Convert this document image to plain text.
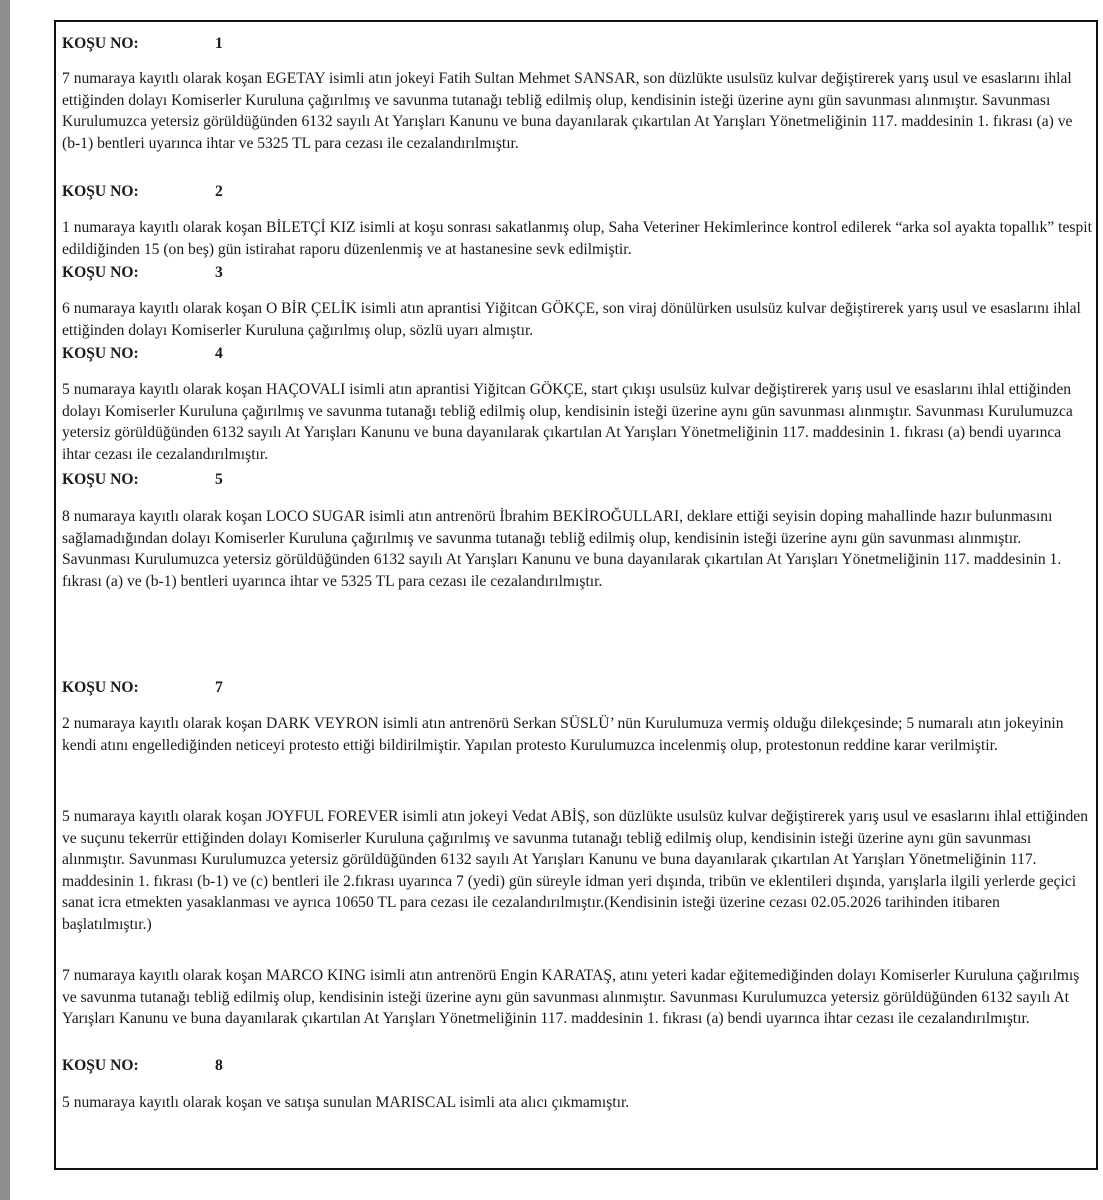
KOŞU NO:	1

7 numaraya kayıtlı olarak koşan EGETAY isimli atın jokeyi Fatih Sultan Mehmet SANSAR, son düzlükte usulsüz kulvar değiştirerek yarış usul ve esaslarını ihlal ettiğinden dolayı Komiserler Kuruluna çağırılmış ve savunma tutanağı tebliğ edilmiş olup, kendisinin isteği üzerine aynı gün savunması alınmıştır. Savunması Kurulumuzca yetersiz görüldüğünden 6132 sayılı At Yarışları Kanunu ve buna dayanılarak çıkartılan At Yarışları Yönetmeliğinin 117. maddesinin 1. fıkrası (a) ve (b-1) bentleri uyarınca ihtar ve 5325 TL para cezası ile cezalandırılmıştır.

KOŞU NO:	2

1 numaraya kayıtlı olarak koşan BİLETÇİ KIZ isimli at koşu sonrası sakatlanmış olup, Saha Veteriner Hekimlerince kontrol edilerek “arka sol ayakta topallık” tespit edildiğinden 15 (on beş) gün istirahat raporu düzenlenmiş ve at hastanesine sevk edilmiştir.

KOŞU NO:	3

6 numaraya kayıtlı olarak koşan O BİR ÇELİK isimli atın aprantisi Yiğitcan GÖKÇE, son viraj dönülürken usulsüz kulvar değiştirerek yarış usul ve esaslarını ihlal ettiğinden dolayı Komiserler Kuruluna çağırılmış olup, sözlü uyarı almıştır.

KOŞU NO:	4

5 numaraya kayıtlı olarak koşan HAÇOVALI isimli atın aprantisi Yiğitcan GÖKÇE, start çıkışı usulsüz kulvar değiştirerek yarış usul ve esaslarını ihlal ettiğinden dolayı Komiserler Kuruluna çağırılmış ve savunma tutanağı tebliğ edilmiş olup, kendisinin isteği üzerine aynı gün savunması alınmıştır. Savunması Kurulumuzca yetersiz görüldüğünden 6132 sayılı At Yarışları Kanunu ve buna dayanılarak çıkartılan At Yarışları Yönetmeliğinin 117. maddesinin 1. fıkrası (a) bendi uyarınca ihtar cezası ile cezalandırılmıştır.

KOŞU NO:	5

8 numaraya kayıtlı olarak koşan LOCO SUGAR isimli atın antrenörü İbrahim BEKİROĞULLARI, deklare ettiği seyisin doping mahallinde hazır bulunmasını sağlamadığından dolayı Komiserler Kuruluna çağırılmış ve savunma tutanağı tebliğ edilmiş olup, kendisinin isteği üzerine aynı gün savunması alınmıştır. Savunması Kurulumuzca yetersiz görüldüğünden 6132 sayılı At Yarışları Kanunu ve buna dayanılarak çıkartılan At Yarışları Yönetmeliğinin 117. maddesinin 1. fıkrası (a) ve (b-1) bentleri uyarınca ihtar ve 5325 TL para cezası ile cezalandırılmıştır.

KOŞU NO:	7

2 numaraya kayıtlı olarak koşan DARK VEYRON isimli atın antrenörü Serkan SÜSLÜ’ nün Kurulumuza vermiş olduğu dilekçesinde; 5 numaralı atın jokeyinin kendi atını engellediğinden neticeyi protesto ettiği bildirilmiştir. Yapılan protesto Kurulumuzca incelenmiş olup, protestonun reddine karar verilmiştir.

5 numaraya kayıtlı olarak koşan JOYFUL FOREVER isimli atın jokeyi Vedat ABİŞ, son düzlükte usulsüz kulvar değiştirerek yarış usul ve esaslarını ihlal ettiğinden ve suçunu tekerrür ettiğinden dolayı Komiserler Kuruluna çağırılmış ve savunma tutanağı tebliğ edilmiş olup, kendisinin isteği üzerine aynı gün savunması alınmıştır. Savunması Kurulumuzca yetersiz görüldüğünden 6132 sayılı At Yarışları Kanunu ve buna dayanılarak çıkartılan At Yarışları Yönetmeliğinin 117. maddesinin 1. fıkrası (b-1) ve (c) bentleri ile 2.fıkrası uyarınca 7 (yedi) gün süreyle idman yeri dışında, tribün ve eklentileri dışında, yarışlarla ilgili yerlerde geçici sanat icra etmekten yasaklanması ve ayrıca 10650 TL para cezası ile cezalandırılmıştır.(Kendisinin isteği üzerine cezası 02.05.2026 tarihinden itibaren başlatılmıştır.)

7 numaraya kayıtlı olarak koşan MARCO KING isimli atın antrenörü Engin KARATAŞ, atını yeteri kadar eğitemediğinden dolayı Komiserler Kuruluna çağırılmış ve savunma tutanağı tebliğ edilmiş olup, kendisinin isteği üzerine aynı gün savunması alınmıştır. Savunması Kurulumuzca yetersiz görüldüğünden 6132 sayılı At Yarışları Kanunu ve buna dayanılarak çıkartılan At Yarışları Yönetmeliğinin 117. maddesinin 1. fıkrası (a) bendi uyarınca ihtar cezası ile cezalandırılmıştır.

KOŞU NO:	8

5 numaraya kayıtlı olarak koşan ve satışa sunulan MARISCAL isimli ata alıcı çıkmamıştır.
